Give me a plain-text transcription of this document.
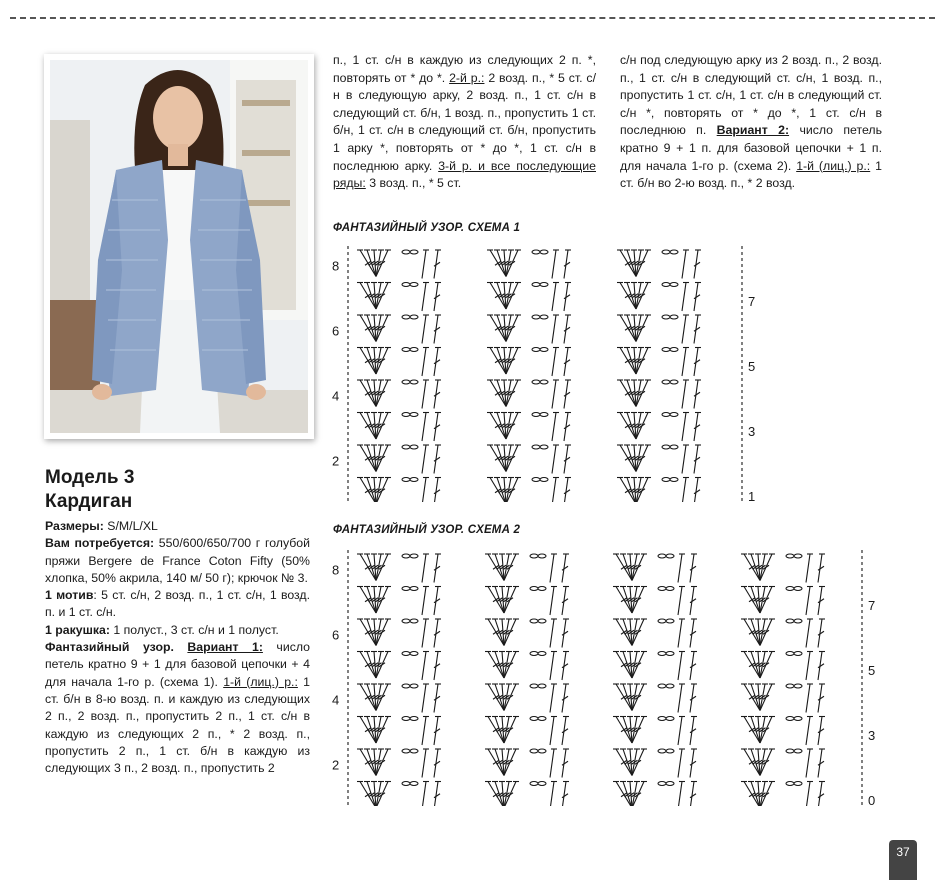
Модель 3
Кардиган
Размеры: S/M/L/XL
Вам потребуется: 550/600/650/700 г голубой пряжи Bergere de France Coton Fifty (50% хлопка, 50% акрила, 140 м/ 50 г); крючок № 3.
1 мотив: 5 ст. с/н, 2 возд. п., 1 ст. с/н, 1 возд. п. и 1 ст. с/н.
1 ракушка: 1 полуст., 3 ст. с/н и 1 полуст.
Фантазийный узор. Вариант 1: число петель кратно 9 + 1 для базовой цепочки + 4 для начала 1-го р. (схема 1). 1-й (лиц.) р.: 1 ст. б/н в 8-ю возд. п. и каждую из следующих 2 п., 2 возд. п., пропустить 2 п., 1 ст. с/н в каждую из следующих 2 п., * 2 возд. п., пропустить 2 п., 1 ст. б/н в каждую из следующих 3 п., 2 возд. п., пропустить 2
п., 1 ст. с/н в каждую из следующих 2 п. *, повторять от * до *. 2-й р.: 2 возд. п., * 5 ст. с/н в следующую арку, 2 возд. п., 1 ст. с/н в следующий ст. б/н, 1 возд. п., пропустить 1 ст. б/н, 1 ст. с/н в следующий ст. б/н, пропустить 1 арку *, повторять от * до *, 1 ст. с/н в последнюю арку. 3-й р. и все последующие ряды: 3 возд. п., * 5 ст.
с/н под следующую арку из 2 возд. п., 2 возд. п., 1 ст. с/н в следующий ст. с/н, 1 возд. п., пропустить 1 ст. с/н, 1 ст. с/н в следующий ст. с/н *, повторять от * до *, 1 ст. с/н в последнюю п. Вариант 2: число петель кратно 9 + 1 п. для базовой цепочки + 1 п. для начала 1-го р. (схема 2). 1-й (лиц.) р.: 1 ст. б/н во 2-ю возд. п., * 2 возд.
ФАНТАЗИЙНЫЙ УЗОР. СХЕМА 1
8
6
4
2
7
5
3
1
ФАНТАЗИЙНЫЙ УЗОР. СХЕМА 2
8
6
4
2
7
5
3
0
37
